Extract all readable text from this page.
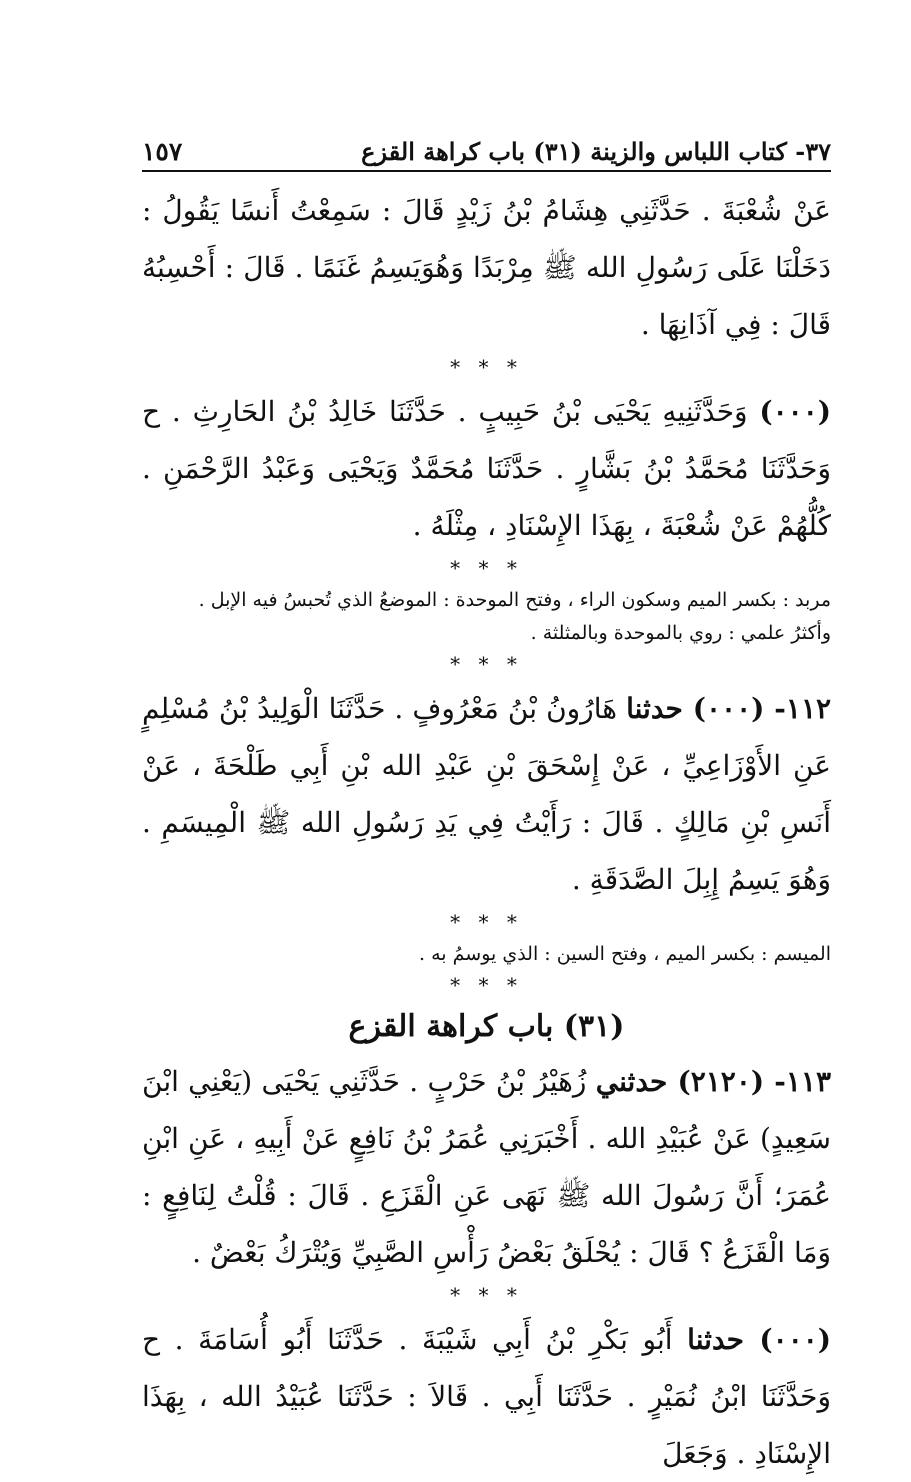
٣٧- كتاب اللباس والزينة (٣١) باب كراهة القزع
١٥٧

عَنْ شُعْبَةَ . حَدَّثَنِي هِشَامُ بْنُ زَيْدٍ قَالَ : سَمِعْتُ أَنسًا يَقُولُ : دَخَلْنَا عَلَى رَسُولِ الله ﷺ مِرْبَدًا وَهُوَيَسِمُ غَنَمًا . قَالَ : أَحْسِبُهُ قَالَ : فِي آذَانِهَا .

* * *

(٠٠٠) وَحَدَّثَنِيهِ يَحْيَى بْنُ حَبِيبٍ . حَدَّثَنَا خَالِدُ بْنُ الحَارِثِ . ح وَحَدَّثَنَا مُحَمَّدُ بْنُ بَشَّارٍ . حَدَّثَنَا مُحَمَّدٌ وَيَحْيَى وَعَبْدُ الرَّحْمَنِ . كُلُّهُمْ عَنْ شُعْبَةَ ، بِهَذَا الإِسْنَادِ ، مِثْلَهُ .

* * *
مربد : بكسر الميم وسكون الراء ، وفتح الموحدة : الموضعُ الذي تُحبسُ فيه الإبل .
وأكثرُ علمي : روي بالموحدة وبالمثلثة .
* * *

١١٢- (٠٠٠) حدثنا هَارُونُ بْنُ مَعْرُوفٍ . حَدَّثَنَا الْوَلِيدُ بْنُ مُسْلِمٍ عَنِ الأَوْزَاعِيِّ ، عَنْ إِسْحَقَ بْنِ عَبْدِ الله بْنِ أَبِي طَلْحَةَ ، عَنْ أَنَسِ بْنِ مَالِكٍ . قَالَ : رَأَيْتُ فِي يَدِ رَسُولِ الله ﷺ الْمِيسَمِ . وَهُوَ يَسِمُ إِبِلَ الصَّدَقَةِ .

* * *
الميسم : بكسر الميم ، وفتح السين : الذي يوسمُ به .
* * *
(٣١) باب كراهة القزع

١١٣- (٢١٢٠) حدثني زُهَيْرُ بْنُ حَرْبٍ . حَدَّثَنِي يَحْيَى (يَعْنِي ابْنَ سَعِيدٍ) عَنْ عُبَيْدِ الله . أَخْبَرَنِي عُمَرُ بْنُ نَافِعٍ عَنْ أَبِيهِ ، عَنِ ابْنِ عُمَرَ؛ أَنَّ رَسُولَ الله ﷺ نَهَى عَنِ الْقَزَعِ . قَالَ : قُلْتُ لِنَافِعٍ : وَمَا الْقَزَعُ ؟ قَالَ : يُحْلَقُ بَعْضُ رَأْسِ الصَّبِيِّ وَيُتْرَكُ بَعْضٌ .

* * *

(٠٠٠) حدثنا أَبُو بَكْرِ بْنُ أَبِي شَيْبَةَ . حَدَّثَنَا أَبُو أُسَامَةَ . ح وَحَدَّثَنَا ابْنُ نُمَيْرٍ . حَدَّثَنَا أَبِي . قَالاَ : حَدَّثَنَا عُبَيْدُ الله ، بِهَذَا الإِسْنَادِ . وَجَعَلَ
